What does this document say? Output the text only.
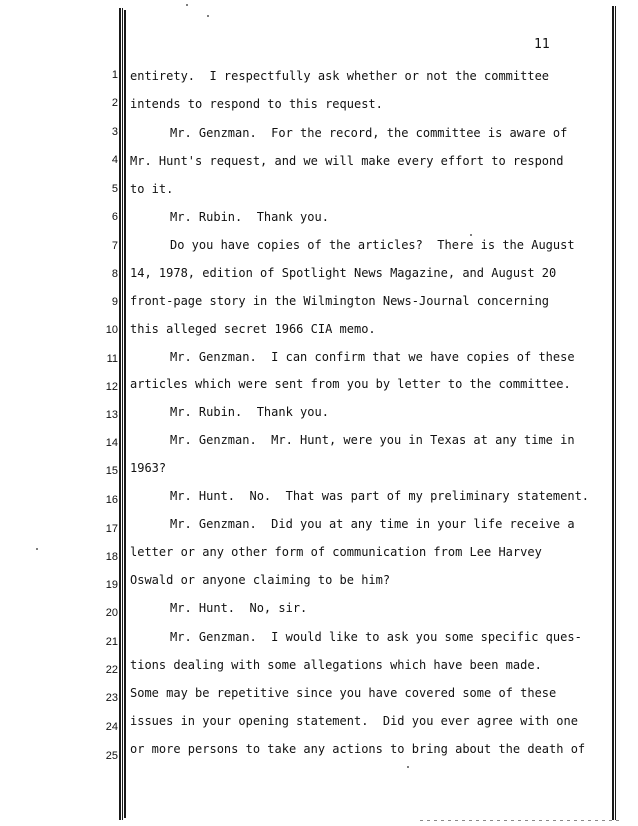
11
1
2
3
4
5
6
7
8
9
10
11
12
13
14
15
16
17
18
19
20
21
22
23
24
25
entirety.  I respectfully ask whether or not the committee
intends to respond to this request.
Mr. Genzman.  For the record, the committee is aware of
Mr. Hunt's request, and we will make every effort to respond
to it.
Mr. Rubin.  Thank you.
Do you have copies of the articles?  There is the August
14, 1978, edition of Spotlight News Magazine, and August 20
front-page story in the Wilmington News-Journal concerning
this alleged secret 1966 CIA memo.
Mr. Genzman.  I can confirm that we have copies of these
articles which were sent from you by letter to the committee.
Mr. Rubin.  Thank you.
Mr. Genzman.  Mr. Hunt, were you in Texas at any time in
1963?
Mr. Hunt.  No.  That was part of my preliminary statement.
Mr. Genzman.  Did you at any time in your life receive a
letter or any other form of communication from Lee Harvey
Oswald or anyone claiming to be him?
Mr. Hunt.  No, sir.
Mr. Genzman.  I would like to ask you some specific ques-
tions dealing with some allegations which have been made.
Some may be repetitive since you have covered some of these
issues in your opening statement.  Did you ever agree with one
or more persons to take any actions to bring about the death of
